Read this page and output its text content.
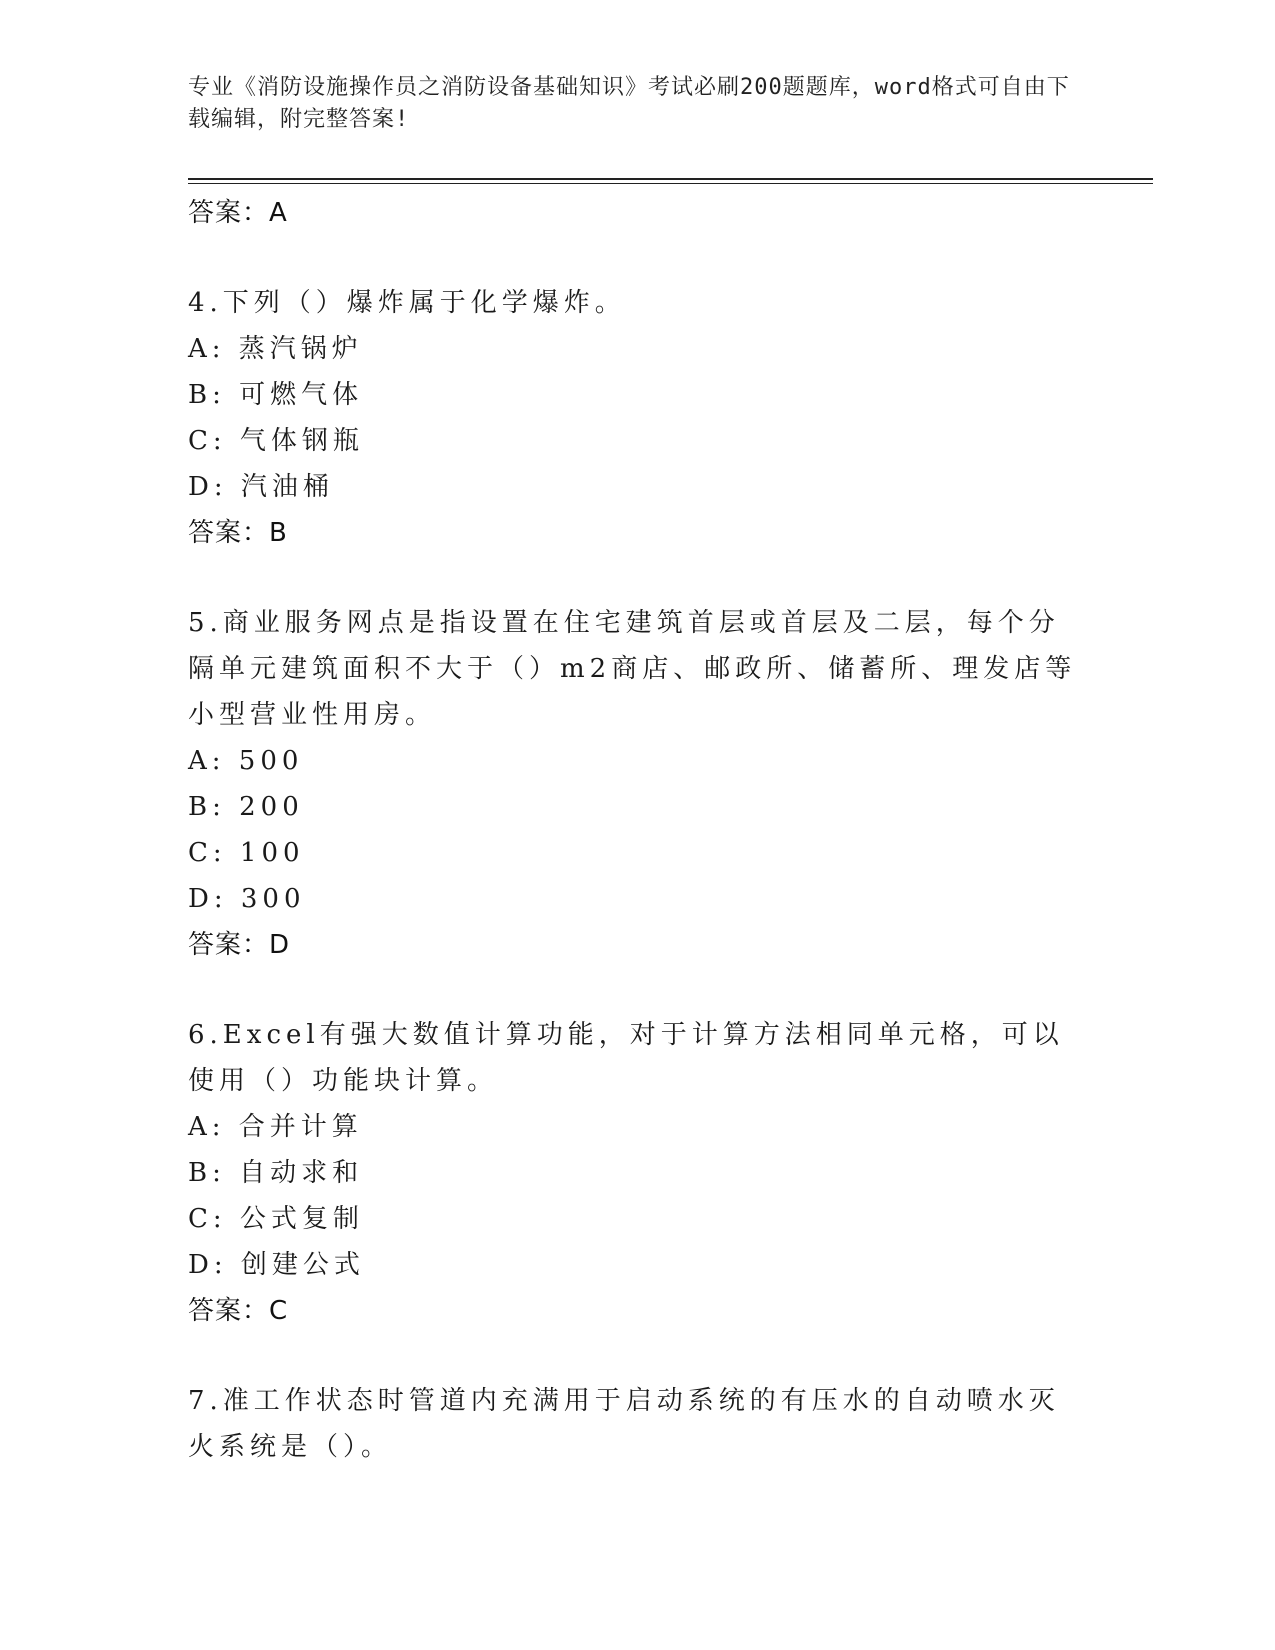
专业《消防设施操作员之消防设备基础知识》考试必刷200题题库，word格式可自由下载编辑，附完整答案!
答案：A
4.下列（）爆炸属于化学爆炸。
A: 蒸汽锅炉
B: 可燃气体
C: 气体钢瓶
D: 汽油桶
答案：B
5.商业服务网点是指设置在住宅建筑首层或首层及二层，每个分隔单元建筑面积不大于（）m2商店、邮政所、储蓄所、理发店等小型营业性用房。
A: 500
B: 200
C: 100
D: 300
答案：D
6.Excel有强大数值计算功能，对于计算方法相同单元格，可以使用（）功能块计算。
A: 合并计算
B: 自动求和
C: 公式复制
D: 创建公式
答案：C
7.准工作状态时管道内充满用于启动系统的有压水的自动喷水灭火系统是（）。
